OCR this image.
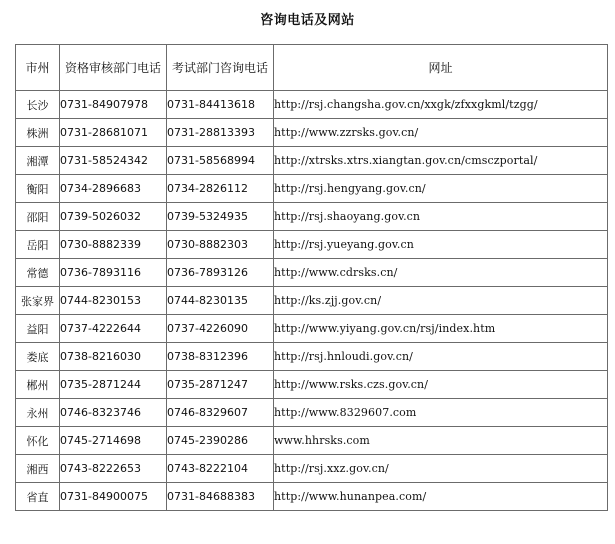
咨询电话及网站
市州	资格审核部门电话	考试部门咨询电话	网址
长沙	0731-84907978	0731-84413618	http://rsj.changsha.gov.cn/xxgk/zfxxgkml/tzgg/
株洲	0731-28681071	0731-28813393	http://www.zzrsks.gov.cn/
湘潭	0731-58524342	0731-58568994	http://xtrsks.xtrs.xiangtan.gov.cn/cmsczportal/
衡阳	0734-2896683	0734-2826112	http://rsj.hengyang.gov.cn/
邵阳	0739-5026032	0739-5324935	http://rsj.shaoyang.gov.cn
岳阳	0730-8882339	0730-8882303	http://rsj.yueyang.gov.cn
常德	0736-7893116	0736-7893126	http://www.cdrsks.cn/
张家界	0744-8230153	0744-8230135	http://ks.zjj.gov.cn/
益阳	0737-4222644	0737-4226090	http://www.yiyang.gov.cn/rsj/index.htm
娄底	0738-8216030	0738-8312396	http://rsj.hnloudi.gov.cn/
郴州	0735-2871244	0735-2871247	http://www.rsks.czs.gov.cn/
永州	0746-8323746	0746-8329607	http://www.8329607.com
怀化	0745-2714698	0745-2390286	www.hhrsks.com
湘西	0743-8222653	0743-8222104	http://rsj.xxz.gov.cn/
省直	0731-84900075	0731-84688383	http://www.hunanpea.com/
